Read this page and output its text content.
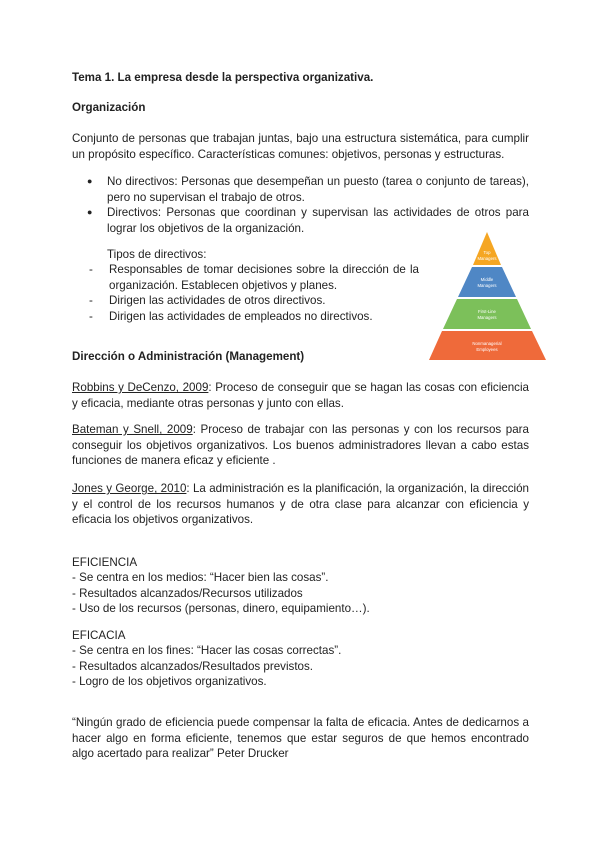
Tema 1. La empresa desde la perspectiva organizativa.
Organización
Conjunto de personas que trabajan juntas, bajo una estructura sistemática, para cumplir un propósito específico. Características comunes: objetivos, personas y estructuras.
● No directivos: Personas que desempeñan un puesto (tarea o conjunto de tareas), pero no supervisan el trabajo de otros.
● Directivos: Personas que coordinan y supervisan las actividades de otros para lograr los objetivos de la organización.
Tipos de directivos:
- Responsables de tomar decisiones sobre la dirección de la organización. Establecen objetivos y planes.
- Dirigen las actividades de otros directivos.
- Dirigen las actividades de empleados no directivos.
Top
Managers
Middle
Managers
First-Line
Managers
Nonmanagerial
Employees
Dirección o Administración (Management)
Robbins y DeCenzo, 2009: Proceso de conseguir que se hagan las cosas con eficiencia y eficacia, mediante otras personas y junto con ellas.
Bateman y Snell, 2009: Proceso de trabajar con las personas y con los recursos para conseguir los objetivos organizativos. Los buenos administradores llevan a cabo estas funciones de manera eficaz y eficiente .
Jones y George, 2010: La administración es la planificación, la organización, la dirección y el control de los recursos humanos y de otra clase para alcanzar con eficiencia y eficacia los objetivos organizativos.
EFICIENCIA
- Se centra en los medios: “Hacer bien las cosas”.
- Resultados alcanzados/Recursos utilizados
- Uso de los recursos (personas, dinero, equipamiento…).
EFICACIA
- Se centra en los fines: “Hacer las cosas correctas”.
- Resultados alcanzados/Resultados previstos.
- Logro de los objetivos organizativos.
“Ningún grado de eficiencia puede compensar la falta de eficacia. Antes de dedicarnos a hacer algo en forma eficiente, tenemos que estar seguros de que hemos encontrado algo acertado para realizar” Peter Drucker
